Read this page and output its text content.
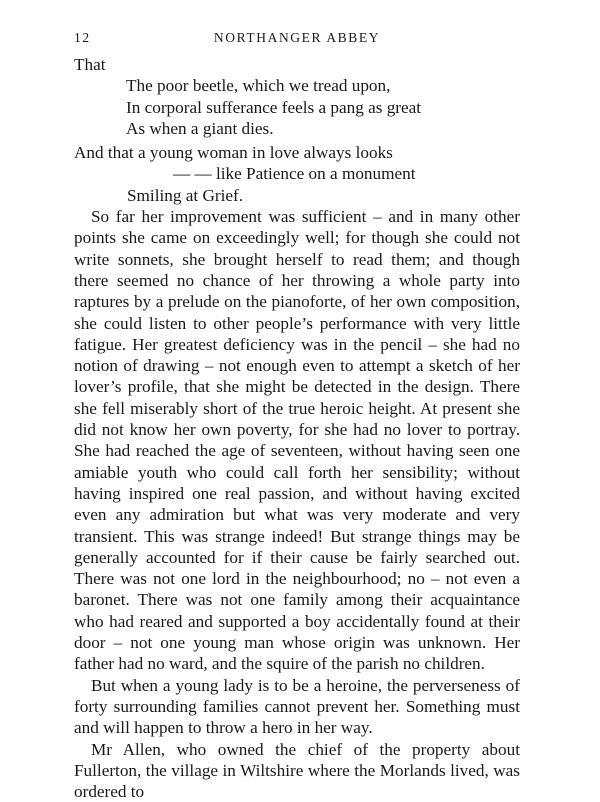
12	NORTHANGER ABBEY
That
The poor beetle, which we tread upon,
In corporal sufferance feels a pang as great
As when a giant dies.
And that a young woman in love always looks
— — like Patience on a monument
Smiling at Grief.

So far her improvement was sufficient – and in many other points she came on exceedingly well; for though she could not write sonnets, she brought herself to read them; and though there seemed no chance of her throwing a whole party into raptures by a prelude on the pianoforte, of her own composition, she could listen to other people’s performance with very little fatigue. Her greatest deficiency was in the pencil – she had no notion of drawing – not enough even to attempt a sketch of her lover’s profile, that she might be detected in the design. There she fell miserably short of the true heroic height. At present she did not know her own poverty, for she had no lover to portray. She had reached the age of seventeen, without having seen one amiable youth who could call forth her sensibility; without having inspired one real passion, and without having excited even any admiration but what was very moderate and very transient. This was strange indeed! But strange things may be generally accounted for if their cause be fairly searched out. There was not one lord in the neighbourhood; no – not even a baronet. There was not one family among their acquaintance who had reared and supported a boy accidentally found at their door – not one young man whose origin was unknown. Her father had no ward, and the squire of the parish no children.

But when a young lady is to be a heroine, the perverseness of forty surrounding families cannot prevent her. Something must and will happen to throw a hero in her way.

Mr Allen, who owned the chief of the property about Fullerton, the village in Wiltshire where the Morlands lived, was ordered to
